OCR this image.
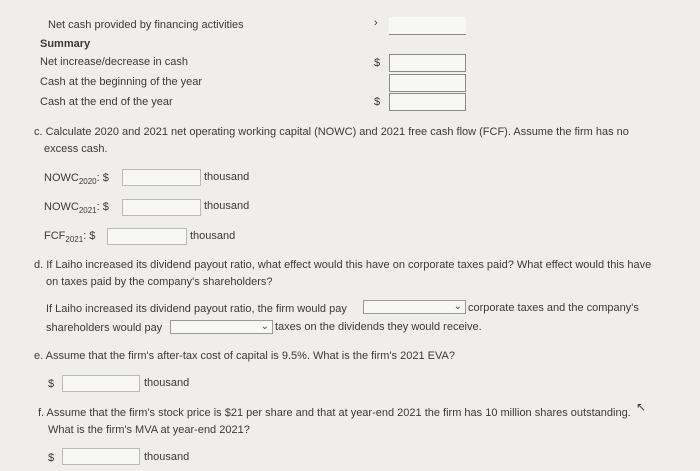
Net cash provided by financing activities	›
Summary
Net increase/decrease in cash	$
Cash at the beginning of the year
Cash at the end of the year	$
c. Calculate 2020 and 2021 net operating working capital (NOWC) and 2021 free cash flow (FCF). Assume the firm has no
excess cash.
$NOWC_{2020}$: $	thousand
$NOWC_{2021}$: $	thousand
$FCF_{2021}$: $	thousand
d. If Laiho increased its dividend payout ratio, what effect would this have on corporate taxes paid? What effect would this have
on taxes paid by the company's shareholders?
If Laiho increased its dividend payout ratio, the firm would pay	⌄ corporate taxes and the company's
shareholders would pay	⌄ taxes on the dividends they would receive.
e. Assume that the firm's after-tax cost of capital is 9.5%. What is the firm's 2021 EVA?
$	thousand
f. Assume that the firm's stock price is $21 per share and that at year-end 2021 the firm has 10 million shares outstanding. ↖
What is the firm's MVA at year-end 2021?
$	thousand
